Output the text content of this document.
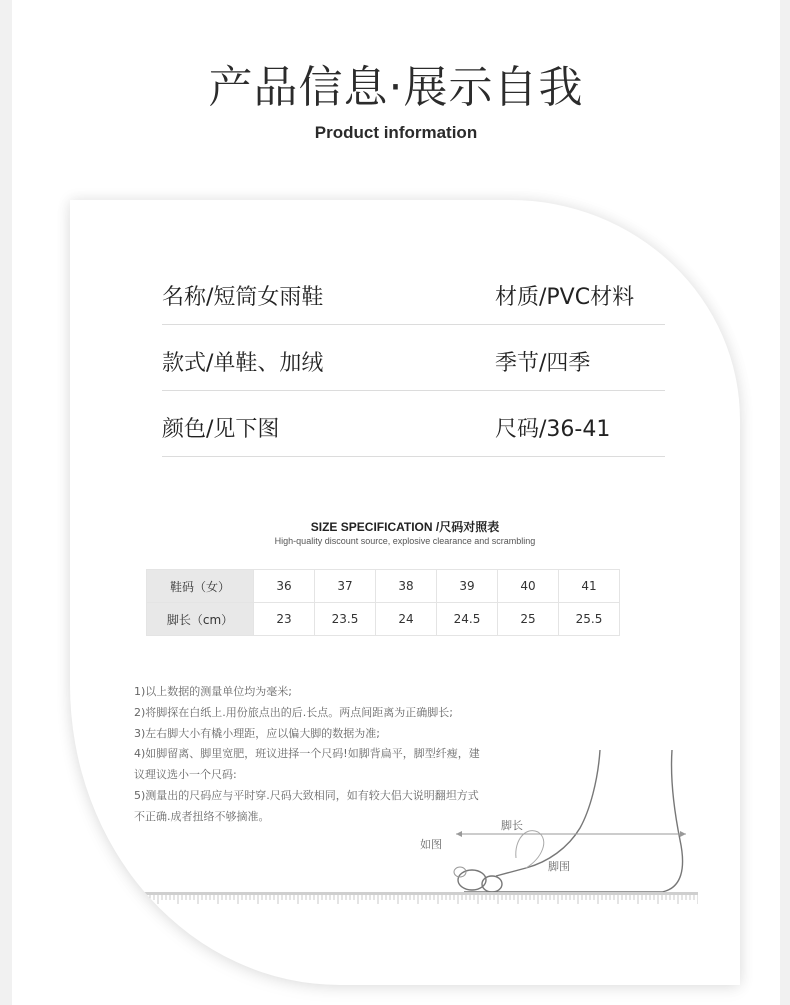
产品信息·展示自我
Product information
名称/短筒女雨鞋	材质/PVC材料
款式/单鞋、加绒	季节/四季
颜色/见下图	尺码/36-41
SIZE SPECIFICATION /尺码对照表
High-quality discount source, explosive clearance and scrambling
鞋码（女）	36	37	38	39	40	41
脚长（cm）	23	23.5	24	24.5	25	25.5
1)以上数据的测量单位均为毫米;
2)将脚探在白纸上.用份旅点出的后.长点。两点间距离为正确脚长;
3)左右脚大小有橇小理距，应以偏大脚的数据为准;
4)如脚留离、脚里宽肥，班议进择一个尺码!如脚背扁平，脚型纤瘦，建
议理议选小一个尺码:
5)测量出的尺码应与平时穿.尺码大致相同，如有较大侣大说明翻坦方式
不正确.成者扭络不够摘准。
如图
脚长
脚围
